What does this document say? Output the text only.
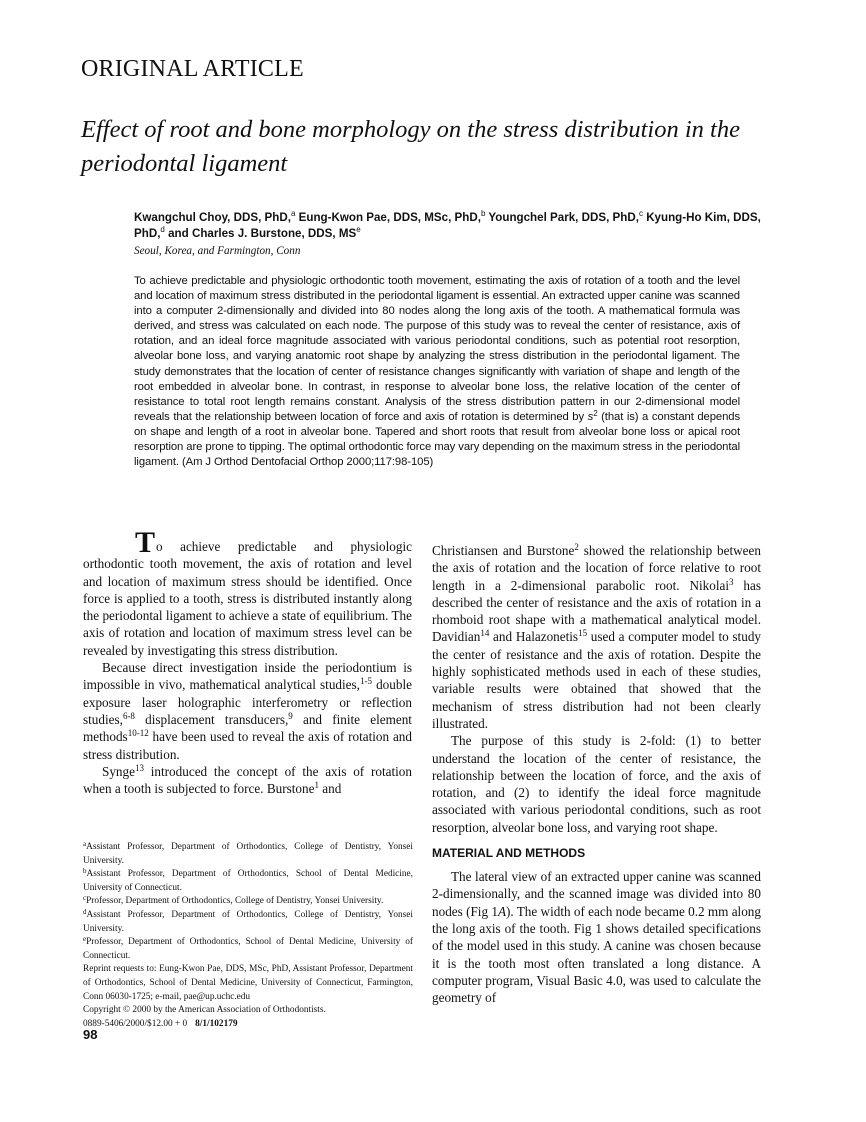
ORIGINAL ARTICLE
Effect of root and bone morphology on the stress distribution in the periodontal ligament
Kwangchul Choy, DDS, PhD,$^a$ Eung-Kwon Pae, DDS, MSc, PhD,$^b$ Youngchel Park, DDS, PhD,$^c$ Kyung-Ho Kim, DDS, PhD,$^d$ and Charles J. Burstone, DDS, $MS^e$
Seoul, Korea, and Farmington, Conn
To achieve predictable and physiologic orthodontic tooth movement, estimating the axis of rotation of a tooth and the level and location of maximum stress distributed in the periodontal ligament is essential. An extracted upper canine was scanned into a computer 2-dimensionally and divided into 80 nodes along the long axis of the tooth. A mathematical formula was derived, and stress was calculated on each node. The purpose of this study was to reveal the center of resistance, axis of rotation, and an ideal force magnitude associated with various periodontal conditions, such as potential root resorption, alveolar bone loss, and varying anatomic root shape by analyzing the stress distribution in the periodontal ligament. The study demonstrates that the location of center of resistance changes significantly with variation of shape and length of the root embedded in alveolar bone. In contrast, in response to alveolar bone loss, the relative location of the center of resistance to total root length remains constant. Analysis of the stress distribution pattern in our 2-dimensional model reveals that the relationship between location of force and axis of rotation is determined by $s^2$ (that is) a constant depends on shape and length of a root in alveolar bone. Tapered and short roots that result from alveolar bone loss or apical root resorption are prone to tipping. The optimal orthodontic force may vary depending on the maximum stress in the periodontal ligament. (Am J Orthod Dentofacial Orthop 2000;117:98-105)

To achieve predictable and physiologic orthodontic tooth movement, the axis of rotation and level and location of maximum stress should be identified. Once force is applied to a tooth, stress is distributed instantly along the periodontal ligament to achieve a state of equilibrium. The axis of rotation and location of maximum stress level can be revealed by investigating this stress distribution.

Because direct investigation inside the periodontium is impossible in vivo, mathematical analytical studies,$^{1-5}$ double exposure laser holographic interferometry or reflection studies,$^{6-8}$ displacement transducers,$^9$ and finite element methods$^{10-12}$ have been used to reveal the axis of rotation and stress distribution.

Synge$^{13}$ introduced the concept of the axis of rotation when a tooth is subjected to force. Burstone$^1$ and

$^a$Assistant Professor, Department of Orthodontics, College of Dentistry, Yonsei University.

$^b$Assistant Professor, Department of Orthodontics, School of Dental Medicine, University of Connecticut.

$^c$Professor, Department of Orthodontics, College of Dentistry, Yonsei University.

$^d$Assistant Professor, Department of Orthodontics, College of Dentistry, Yonsei University.

$^e$Professor, Department of Orthodontics, School of Dental Medicine, University of Connecticut.

Reprint requests to: Eung-Kwon Pae, DDS, MSc, PhD, Assistant Professor, Department of Orthodontics, School of Dental Medicine, University of Connecticut, Farmington, Conn 06030-1725; e-mail, pae@up.uchc.edu

Copyright © 2000 by the American Association of Orthodontists.

0889-5406/2000/$12.00 + 0 8/1/102179

98

Christiansen and Burstone$^2$ showed the relationship between the axis of rotation and the location of force relative to root length in a 2-dimensional parabolic root. Nikolai$^3$ has described the center of resistance and the axis of rotation in a rhomboid root shape with a mathematical analytical model. Davidian$^{14}$ and Halazonetis$^{15}$ used a computer model to study the center of resistance and the axis of rotation. Despite the highly sophisticated methods used in each of these studies, variable results were obtained that showed that the mechanism of stress distribution had not been clearly illustrated.

The purpose of this study is 2-fold: (1) to better understand the location of the center of resistance, the relationship between the location of force, and the axis of rotation, and (2) to identify the ideal force magnitude associated with various periodontal conditions, such as root resorption, alveolar bone loss, and varying root shape.

MATERIAL AND METHODS

The lateral view of an extracted upper canine was scanned 2-dimensionally, and the scanned image was divided into 80 nodes (Fig 1A). The width of each node became 0.2 mm along the long axis of the tooth. Fig 1 shows detailed specifications of the model used in this study. A canine was chosen because it is the tooth most often translated a long distance. A computer program, Visual Basic 4.0, was used to calculate the geometry of
